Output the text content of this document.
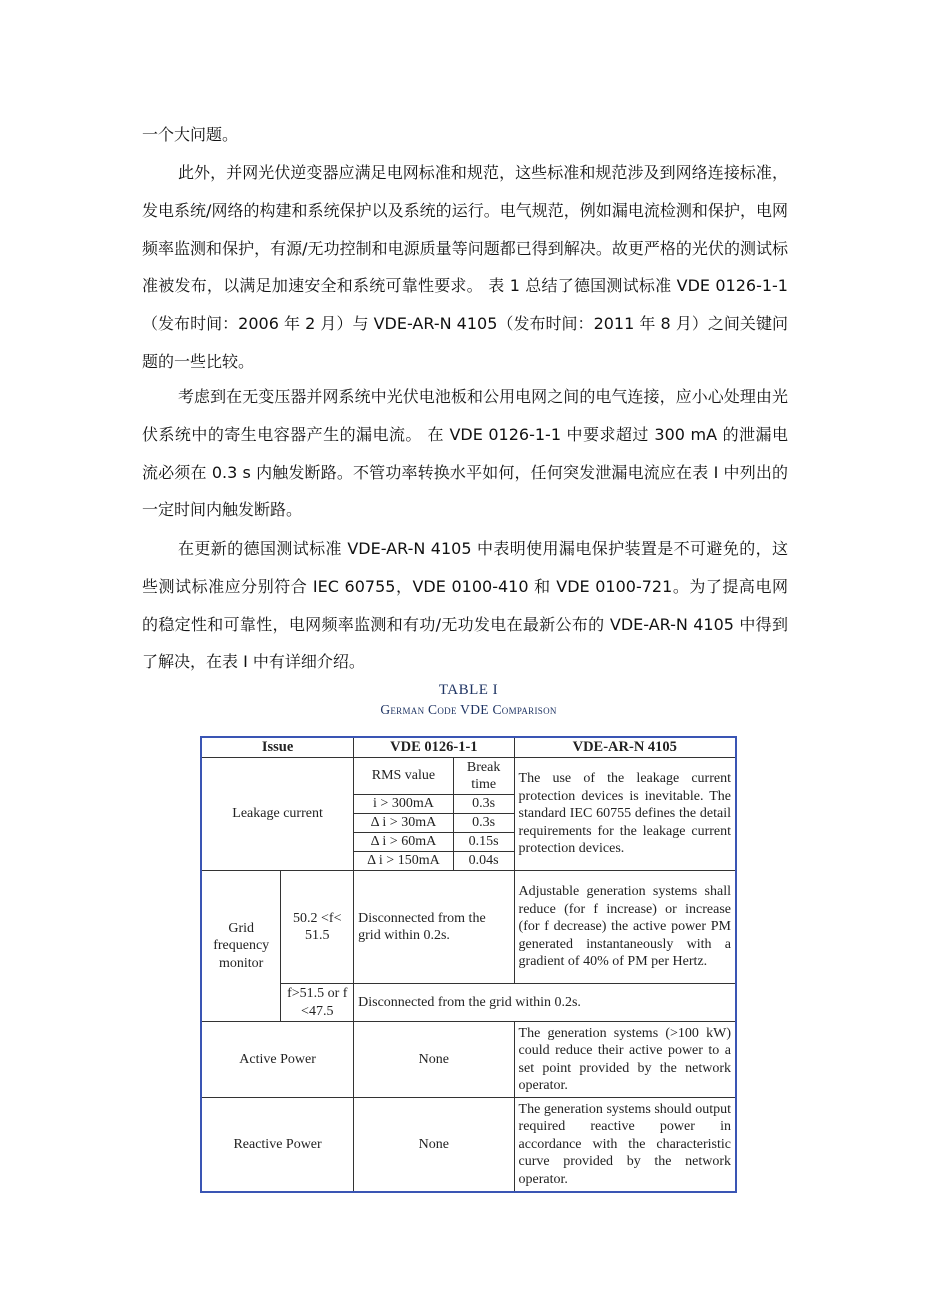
一个大问题。

此外，并网光伏逆变器应满足电网标准和规范，这些标准和规范涉及到网络连接标准，发电系统/网络的构建和系统保护以及系统的运行。电气规范，例如漏电流检测和保护，电网频率监测和保护，有源/无功控制和电源质量等问题都已得到解决。故更严格的光伏的测试标准被发布，以满足加速安全和系统可靠性要求。 表 1 总结了德国测试标准 VDE 0126-1-1（发布时间：2006 年 2 月）与 VDE-AR-N 4105（发布时间：2011 年 8 月）之间关键问题的一些比较。

考虑到在无变压器并网系统中光伏电池板和公用电网之间的电气连接，应小心处理由光伏系统中的寄生电容器产生的漏电流。 在 VDE 0126-1-1 中要求超过 300 mA 的泄漏电流必须在 0.3 s 内触发断路。不管功率转换水平如何，任何突发泄漏电流应在表 I 中列出的一定时间内触发断路。

在更新的德国测试标准 VDE-AR-N 4105 中表明使用漏电保护装置是不可避免的，这些测试标准应分别符合 IEC 60755，VDE 0100-410 和 VDE 0100-721。为了提高电网的稳定性和可靠性，电网频率监测和有功/无功发电在最新公布的 VDE-AR-N 4105 中得到了解决，在表 I 中有详细介绍。

TABLE I
German Code VDE Comparison
Issue		VDE 0126-1-1		VDE-AR-N 4105
Leakage current		RMS value	Break time	The use of the leakage current protection devices is inevitable. The standard IEC 60755 defines the detail requirements for the leakage current protection devices.
		i > 300mA	0.3s	
		Δ i > 30mA	0.3s	
		Δ i > 60mA	0.15s	
		Δ i > 150mA	0.04s	
Grid frequency monitor	50.2 <f< 51.5	Disconnected from the grid within 0.2s.		Adjustable generation systems shall reduce (for f increase) or increase (for f decrease) the active power PM generated instantaneously with a gradient of 40% of PM per Hertz.
	f>51.5 or f <47.5	Disconnected from the grid within 0.2s.		
Active Power		None		The generation systems (>100 kW) could reduce their active power to a set point provided by the network operator.
Reactive Power		None		The generation systems should output required reactive power in accordance with the characteristic curve provided by the network operator.
